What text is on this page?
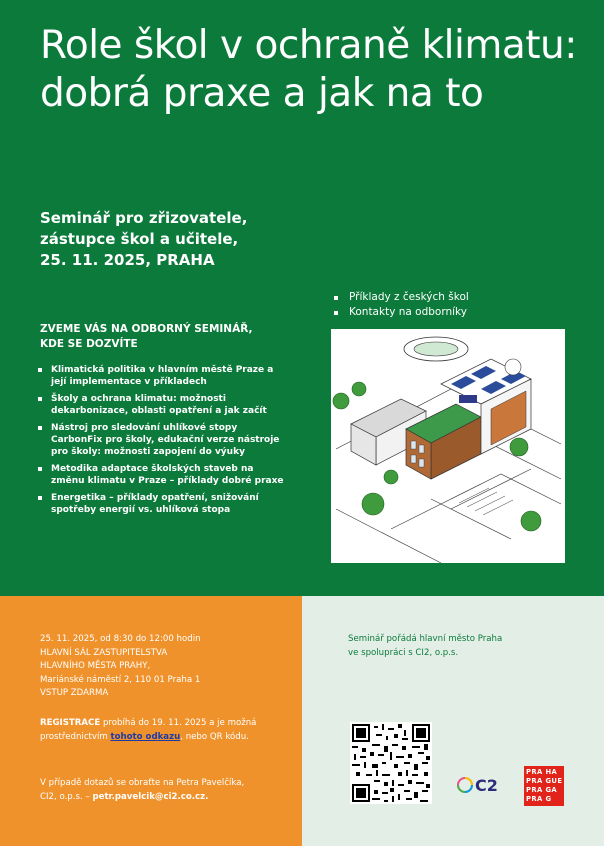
Role škol v ochraně klimatu: dobrá praxe a jak na to

Seminář pro zřizovatele,
zástupce škol a učitele,
25. 11. 2025, PRAHA

ZVEME VÁS NA ODBORNÝ SEMINÁŘ,
KDE SE DOZVÍTE
Klimatická politika v hlavním městě Praze a její implementace v příkladech
Školy a ochrana klimatu: možnosti dekarbonizace, oblasti opatření a jak začít
Nástroj pro sledování uhlíkové stopy CarbonFix pro školy, edukační verze nástroje pro školy: možnosti zapojení do výuky
Metodika adaptace školských staveb na změnu klimatu v Praze – příklady dobré praxe
Energetika – příklady opatření, snižování spotřeby energií vs. uhlíková stopa
Příklady z českých škol
Kontakty na odborníky
25. 11. 2025, od 8:30 do 12:00 hodin
HLAVNÍ SÁL ZASTUPITELSTVA
HLAVNÍHO MĚSTA PRAHY,
Mariánské náměstí 2, 110 01 Praha 1
VSTUP ZDARMA
REGISTRACE probíhá do 19. 11. 2025 a je možná prostřednictvím tohoto odkazu, nebo QR kódu.
V případě dotazů se obraťte na Petra Pavelčíka,
CI2, o.p.s. – petr.pavelcik@ci2.co.cz.
Seminář pořádá hlavní město Praha
ve spolupráci s CI2, o.p.s.
C2
PRA HA
PRA GUE
PRA GA
PRA G
